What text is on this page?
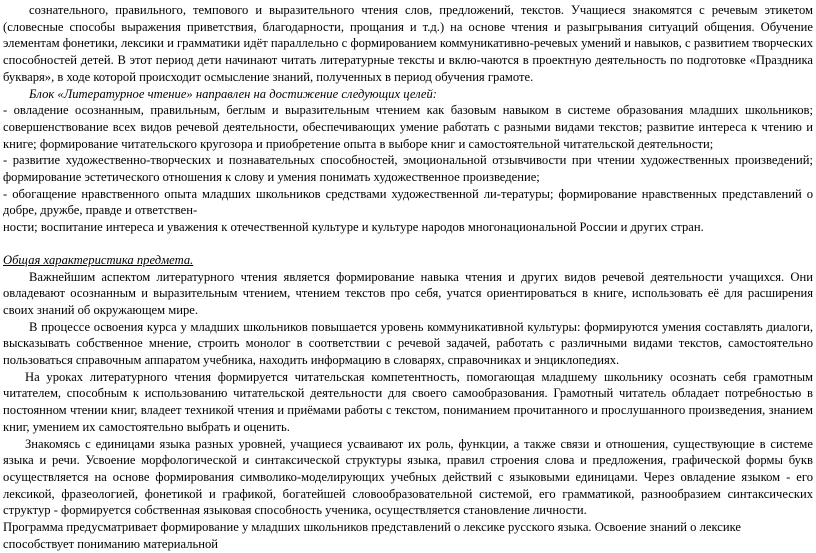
сознательного, правильного, темпового и выразительного чтения слов, предложений, текстов. Учащиеся знакомятся с речевым этикетом (словесные способы выражения приветствия, благодарности, прощания и т.д.) на основе чтения и разыгрывания ситуаций общения. Обучение элементам фонетики, лексики и грамматики идёт параллельно с формированием коммуникативно-речевых умений и навыков, с развитием творческих способностей детей. В этот период дети начинают читать литературные тексты и вклю-чаются в проектную деятельность по подготовке «Праздника букваря», в ходе которой происходит осмысление знаний, полученных в период обучения грамоте.

Блок «Литературное чтение» направлен на достижение следующих целей:

- овладение осознанным, правильным, беглым и выразительным чтением как базовым навыком в системе образования младших школьников; совершенствование всех видов речевой деятельности, обеспечивающих умение работать с разными видами текстов; развитие интереса к чтению и книге; формирование читательского кругозора и приобретение опыта в выборе книг и самостоятельной читательской деятельности;

- развитие художественно-творческих и познавательных способностей, эмоциональной отзывчивости при чтении художественных произведений; формирование эстетического отношения к слову и умения понимать художественное произведение;

- обогащение нравственного опыта младших школьников средствами художественной ли-тературы; формирование нравственных представлений о добре, дружбе, правде и ответствен-

ности; воспитание интереса и уважения к отечественной культуре и культуре народов многонациональной России и других стран.

Общая характеристика предмета.

Важнейшим аспектом литературного чтения является формирование навыка чтения и других видов речевой деятельности учащихся. Они овладевают осознанным и выразительным чтением, чтением текстов про себя, учатся ориентироваться в книге, использовать её для расширения своих знаний об окружающем мире.

В процессе освоения курса у младших школьников повышается уровень коммуникативной культуры: формируются умения составлять диалоги, высказывать собственное мнение, строить монолог в соответствии с речевой задачей, работать с различными видами текстов, самостоятельно пользоваться справочным аппаратом учебника, находить информацию в словарях, справочниках и энциклопедиях.

На уроках литературного чтения формируется читательская компетентность, помогающая младшему школьнику осознать себя грамотным читателем, способным к использованию читательской деятельности для своего самообразования. Грамотный читатель обладает потребностью в постоянном чтении книг, владеет техникой чтения и приёмами работы с текстом, пониманием прочитанного и прослушанного произведения, знанием книг, умением их самостоятельно выбрать и оценить.

Знакомясь с единицами языка разных уровней, учащиеся усваивают их роль, функции, а также связи и отношения, существующие в системе языка и речи. Усвоение морфологической и синтаксической структуры языка, правил строения слова и предложения, графической формы букв осуществляется на основе формирования символико-моделирующих учебных действий с языковыми единицами. Через овладение языком - его лексикой, фразеологией, фонетикой и графикой, богатейшей словообразовательной системой, его грамматикой, разнообразием синтаксических структур - формируется собственная языковая способность ученика, осуществляется становление личности.

Программа предусматривает формирование у младших школьников представлений о лексике русского языка. Освоение знаний о лексике способствует пониманию материальной
